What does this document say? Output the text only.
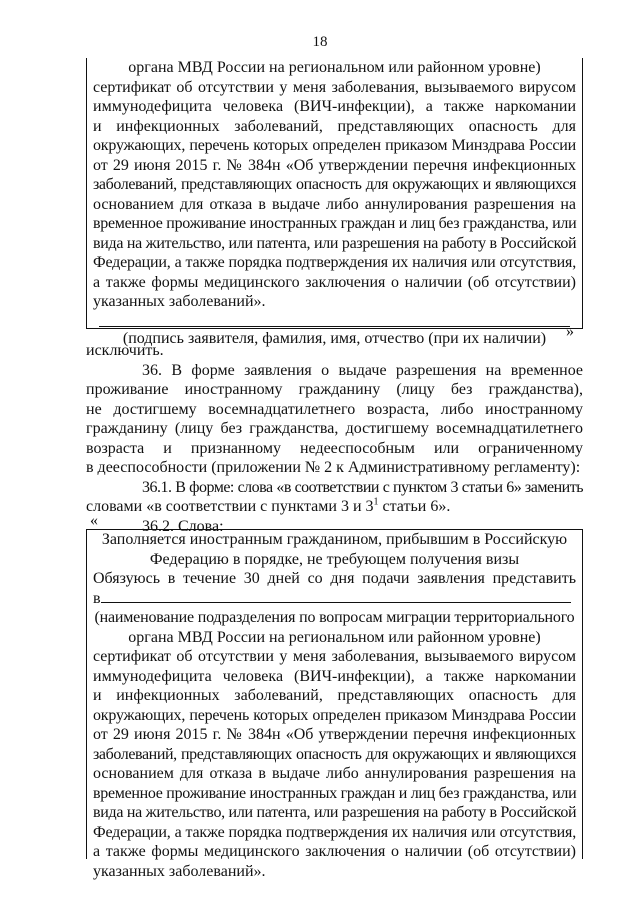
18
органа МВД России на региональном или районном уровне)
сертификат об отсутствии у меня заболевания, вызываемого вирусом
иммунодефицита человека (ВИЧ-инфекции), а также наркомании
и инфекционных заболеваний, представляющих опасность для
окружающих, перечень которых определен приказом Минздрава России
от 29 июня 2015 г. № 384н «Об утверждении перечня инфекционных
заболеваний, представляющих опасность для окружающих и являющихся
основанием для отказа в выдаче либо аннулирования разрешения на
временное проживание иностранных граждан и лиц без гражданства, или
вида на жительство, или патента, или разрешения на работу в Российской
Федерации, а также порядка подтверждения их наличия или отсутствия,
а также формы медицинского заключения о наличии (об отсутствии)
указанных заболеваний».
(подпись заявителя, фамилия, имя, отчество (при их наличии)	»
исключить.
36. В форме заявления о выдаче разрешения на временное
проживание иностранному гражданину (лицу без гражданства),
не достигшему восемнадцатилетнего возраста, либо иностранному
гражданину (лицу без гражданства, достигшему восемнадцатилетнего
возраста и признанному недееспособным или ограниченному
в дееспособности (приложении № 2 к Административному регламенту):
36.1. В форме: слова «в соответствии с пунктом 3 статьи 6» заменить
словами «в соответствии с пунктами 3 и $3^1$ статьи 6».
36.2. Слова:
«
Заполняется иностранным гражданином, прибывшим в Российскую
Федерацию в порядке, не требующем получения визы
Обязуюсь в течение 30 дней со дня подачи заявления представить
в
(наименование подразделения по вопросам миграции территориального
органа МВД России на региональном или районном уровне)
сертификат об отсутствии у меня заболевания, вызываемого вирусом
иммунодефицита человека (ВИЧ-инфекции), а также наркомании
и инфекционных заболеваний, представляющих опасность для
окружающих, перечень которых определен приказом Минздрава России
от 29 июня 2015 г. № 384н «Об утверждении перечня инфекционных
заболеваний, представляющих опасность для окружающих и являющихся
основанием для отказа в выдаче либо аннулирования разрешения на
временное проживание иностранных граждан и лиц без гражданства, или
вида на жительство, или патента, или разрешения на работу в Российской
Федерации, а также порядка подтверждения их наличия или отсутствия,
а также формы медицинского заключения о наличии (об отсутствии)
указанных заболеваний».
